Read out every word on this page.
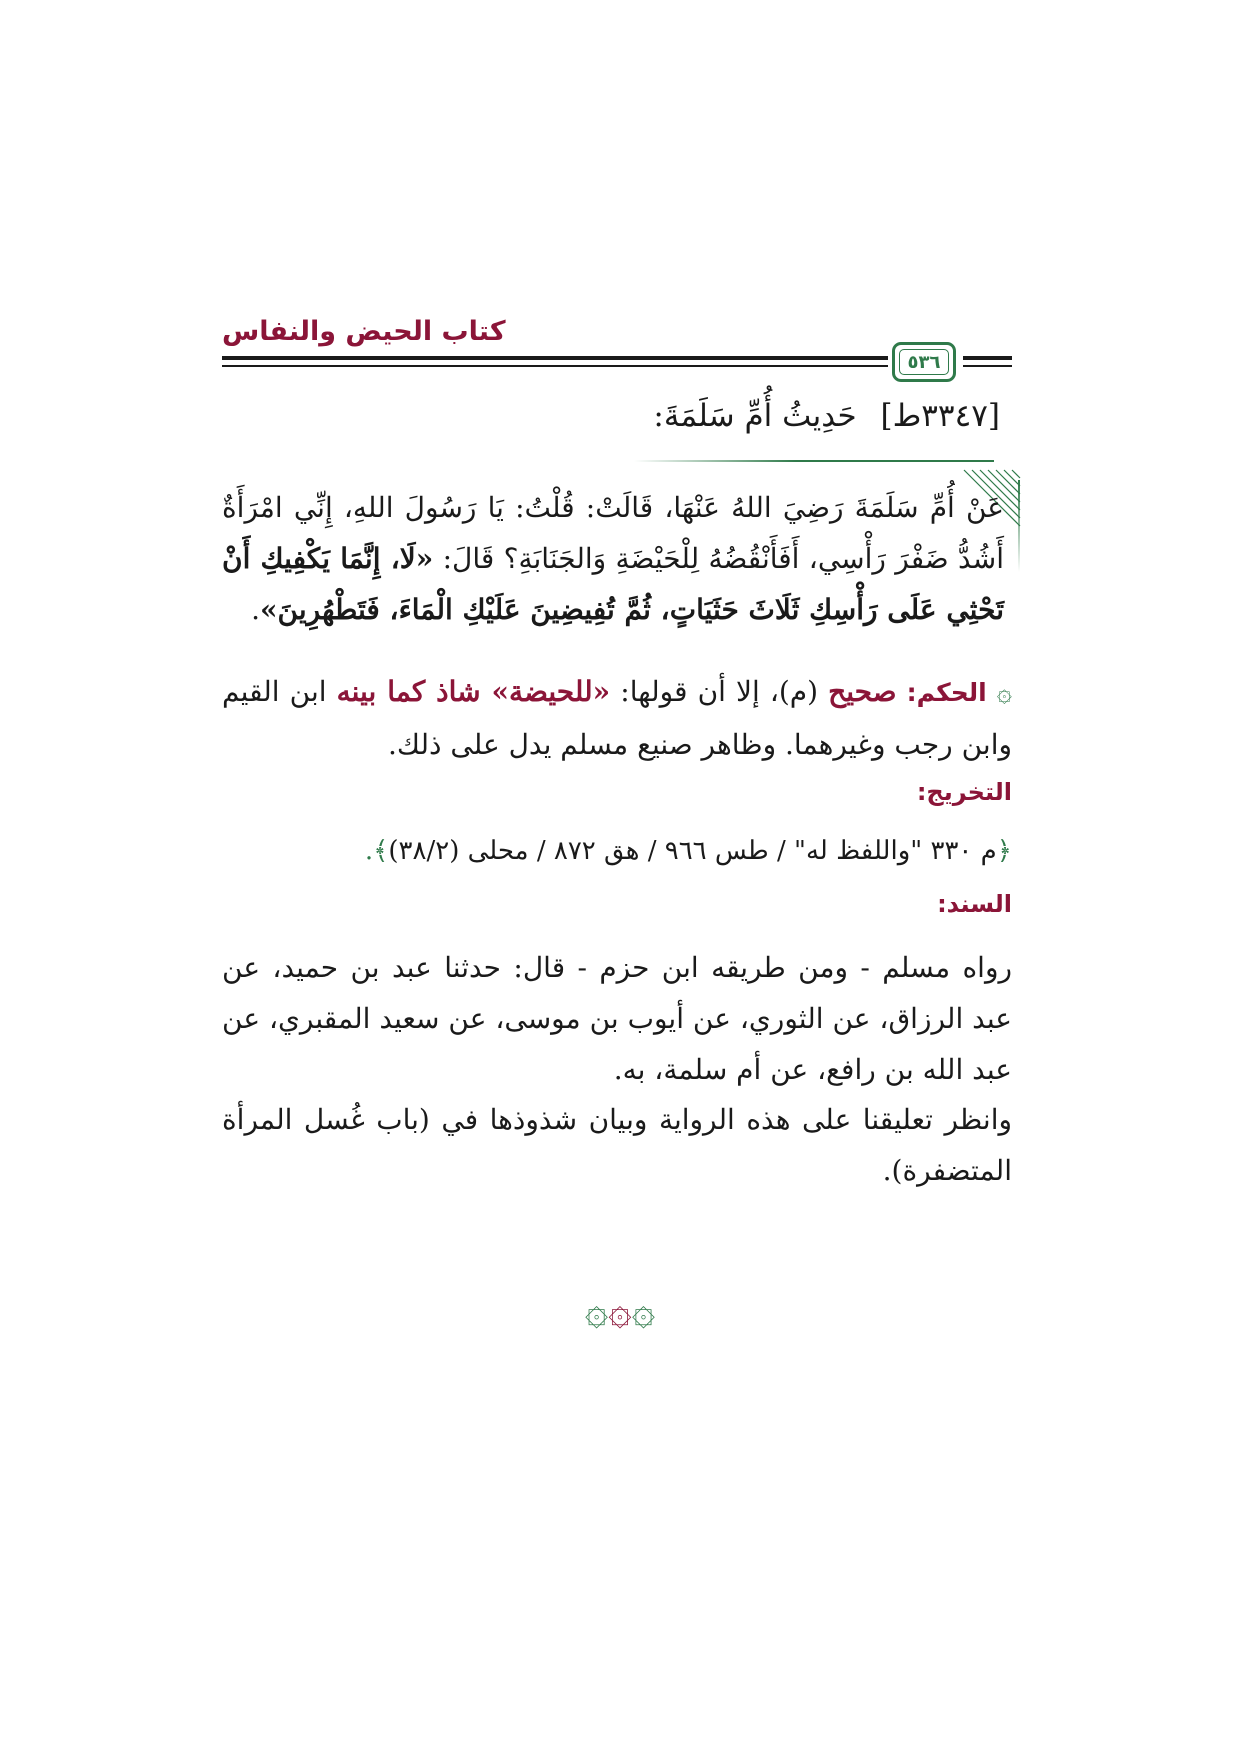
كتاب الحيض والنفاس
٥٣٦
[٣٣٤٧ط] حَدِيثُ أُمِّ سَلَمَةَ:
عَنْ أُمِّ سَلَمَةَ رَضِيَ اللهُ عَنْهَا، قَالَتْ: قُلْتُ: يَا رَسُولَ اللهِ، إِنِّي امْرَأَةٌ أَشُدُّ ضَفْرَ رَأْسِي، أَفَأَنْقُضُهُ لِلْحَيْضَةِ وَالجَنَابَةِ؟ قَالَ: «لَا، إِنَّمَا يَكْفِيكِ أَنْ تَحْثِي عَلَى رَأْسِكِ ثَلَاثَ حَثَيَاتٍ، ثُمَّ تُفِيضِينَ عَلَيْكِ الْمَاءَ، فَتَطْهُرِينَ».
۞ الحكم: صحيح (م)، إلا أن قولها: «للحيضة» شاذ كما بينه ابن القيم وابن رجب وغيرهما. وظاهر صنيع مسلم يدل على ذلك.
التخريج:
﴿م ٣٣٠ "واللفظ له" / طس ٩٦٦ / هق ٨٧٢ / محلى (٣٨/٢)﴾.
السند:
رواه مسلم - ومن طريقه ابن حزم - قال: حدثنا عبد بن حميد، عن عبد الرزاق، عن الثوري، عن أيوب بن موسى، عن سعيد المقبري، عن عبد الله بن رافع، عن أم سلمة، به.
وانظر تعليقنا على هذه الرواية وبيان شذوذها في (باب غُسل المرأة المتضفرة).
۞۞۞
